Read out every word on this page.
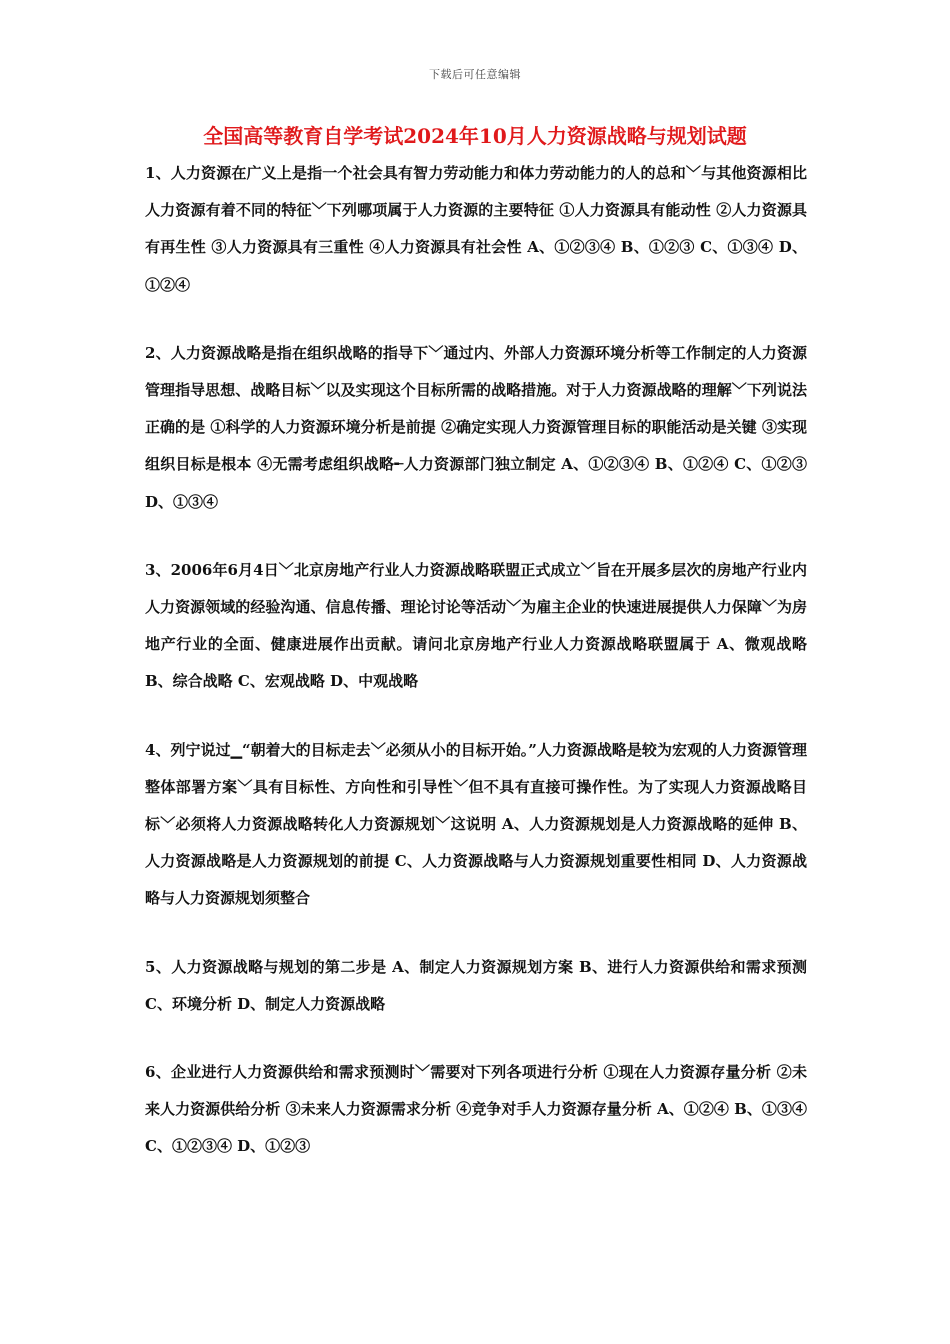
下载后可任意编辑
全国高等教育自学考试2024年10月人力资源战略与规划试题

1、人力资源在广义上是指一个社会具有智力劳动能力和体力劳动能力的人的总和﹀与其他资源相比人力资源有着不同的特征﹀下列哪项属于人力资源的主要特征 ①人力资源具有能动性 ②人力资源具有再生性 ③人力资源具有三重性 ④人力资源具有社会性 A、①②③④ B、①②③ C、①③④ D、①②④

2、人力资源战略是指在组织战略的指导下﹀通过内、外部人力资源环境分析等工作制定的人力资源管理指导思想、战略目标﹀以及实现这个目标所需的战略措施。对于人力资源战略的理解﹀下列说法正确的是 ①科学的人力资源环境分析是前提 ②确定实现人力资源管理目标的职能活动是关键 ③实现组织目标是根本 ④无需考虑组织战略╾人力资源部门独立制定 A、①②③④ B、①②④ C、①②③ D、①③④

3、2006年6月4日﹀北京房地产行业人力资源战略联盟正式成立﹀旨在开展多层次的房地产行业内人力资源领域的经验沟通、信息传播、理论讨论等活动﹀为雇主企业的快速进展提供人力保障﹀为房地产行业的全面、健康进展作出贡献。请问北京房地产行业人力资源战略联盟属于 A、微观战略 B、综合战略 C、宏观战略 D、中观战略

4、列宁说过▁“朝着大的目标走去﹀必须从小的目标开始。”人力资源战略是较为宏观的人力资源管理整体部署方案﹀具有目标性、方向性和引导性﹀但不具有直接可操作性。为了实现人力资源战略目标﹀必须将人力资源战略转化人力资源规划﹀这说明 A、人力资源规划是人力资源战略的延伸 B、人力资源战略是人力资源规划的前提 C、人力资源战略与人力资源规划重要性相同 D、人力资源战略与人力资源规划须整合

5、人力资源战略与规划的第二步是 A、制定人力资源规划方案 B、进行人力资源供给和需求预测 C、环境分析 D、制定人力资源战略

6、企业进行人力资源供给和需求预测时﹀需要对下列各项进行分析 ①现在人力资源存量分析 ②未来人力资源供给分析 ③未来人力资源需求分析 ④竞争对手人力资源存量分析 A、①②④ B、①③④ C、①②③④ D、①②③
